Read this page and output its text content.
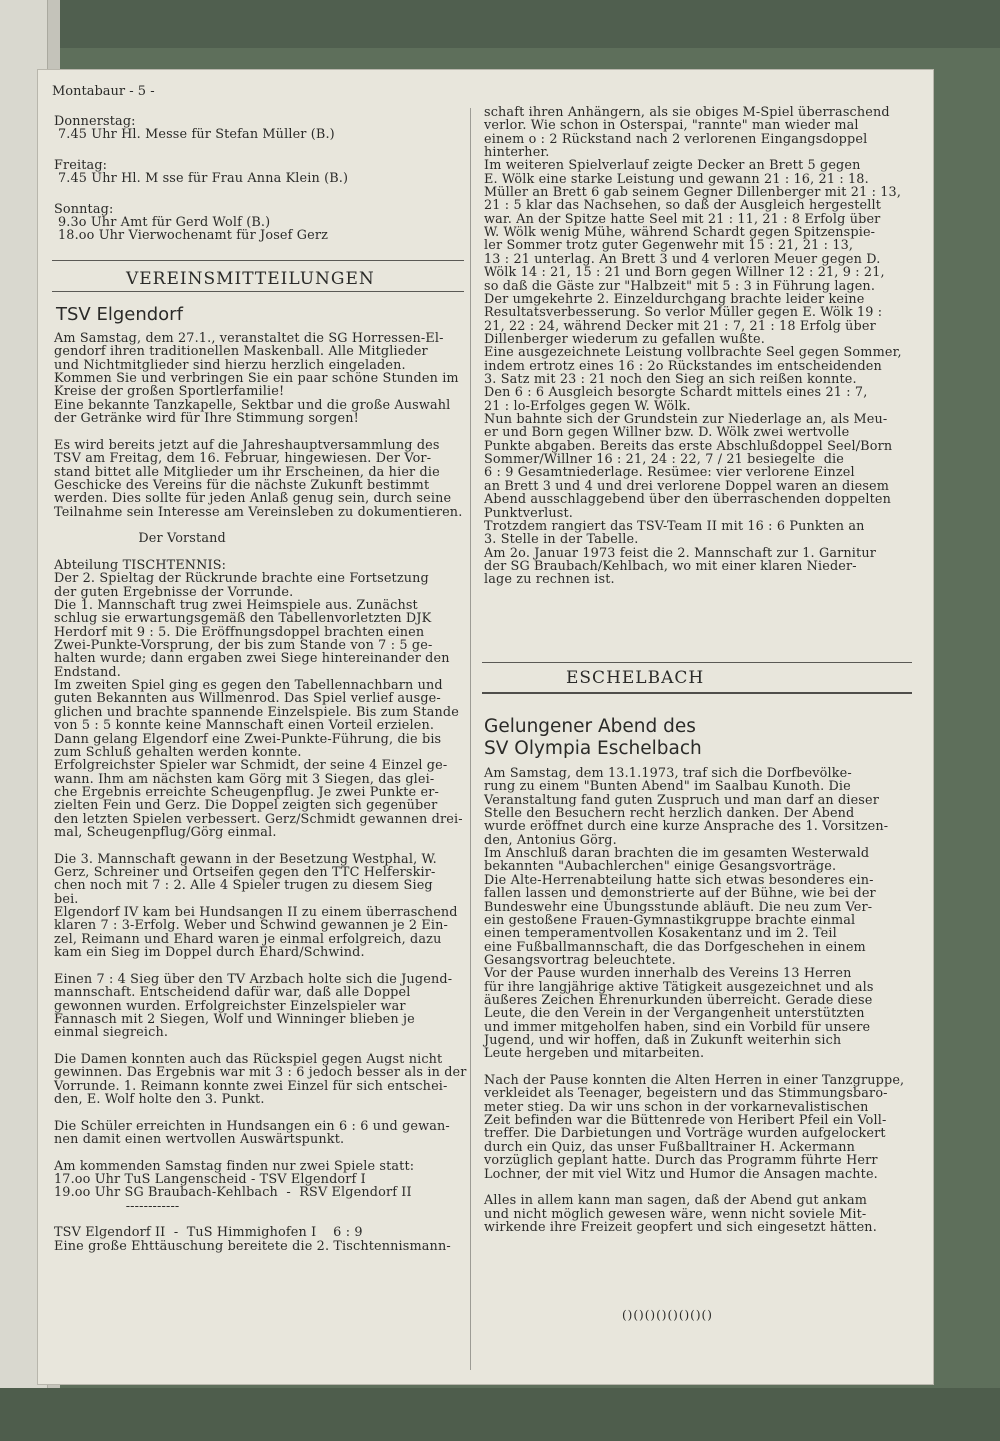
Montabaur - 5 -
VEREINSMITTEILUNGEN
TSV Elgendorf
ESCHELBACH
Gelungener Abend des
SV Olympia Eschelbach
()()()()()()()()
Donnerstag:
7.45 Uhr Hl. Messe für Stefan Müller (B.)
Freitag:
7.45 Uhr Hl. M sse für Frau Anna Klein (B.)
Sonntag:
9.3o Uhr Amt für Gerd Wolf (B.)
18.oo Uhr Vierwochenamt für Josef Gerz
Am Samstag, dem 27.1., veranstaltet die SG Horressen-El-
gendorf ihren traditionellen Maskenball. Alle Mitglieder
und Nichtmitglieder sind hierzu herzlich eingeladen.
Kommen Sie und verbringen Sie ein paar schöne Stunden im
Kreise der großen Sportlerfamilie!
Eine bekannte Tanzkapelle, Sektbar und die große Auswahl
der Getränke wird für Ihre Stimmung sorgen!
Es wird bereits jetzt auf die Jahreshauptversammlung des
TSV am Freitag, dem 16. Februar, hingewiesen. Der Vor-
stand bittet alle Mitglieder um ihr Erscheinen, da hier die
Geschicke des Vereins für die nächste Zukunft bestimmt
werden. Dies sollte für jeden Anlaß genug sein, durch seine
Teilnahme sein Interesse am Vereinsleben zu dokumentieren.
Der Vorstand
Abteilung TISCHTENNIS:
Der 2. Spieltag der Rückrunde brachte eine Fortsetzung
der guten Ergebnisse der Vorrunde.
Die 1. Mannschaft trug zwei Heimspiele aus. Zunächst
schlug sie erwartungsgemäß den Tabellenvorletzten DJK
Herdorf mit 9 : 5. Die Eröffnungsdoppel brachten einen
Zwei-Punkte-Vorsprung, der bis zum Stande von 7 : 5 ge-
halten wurde; dann ergaben zwei Siege hintereinander den
Endstand.
Im zweiten Spiel ging es gegen den Tabellennachbarn und
guten Bekannten aus Willmenrod. Das Spiel verlief ausge-
glichen und brachte spannende Einzelspiele. Bis zum Stande
von 5 : 5 konnte keine Mannschaft einen Vorteil erzielen.
Dann gelang Elgendorf eine Zwei-Punkte-Führung, die bis
zum Schluß gehalten werden konnte.
Erfolgreichster Spieler war Schmidt, der seine 4 Einzel ge-
wann. Ihm am nächsten kam Görg mit 3 Siegen, das glei-
che Ergebnis erreichte Scheugenpflug. Je zwei Punkte er-
zielten Fein und Gerz. Die Doppel zeigten sich gegenüber
den letzten Spielen verbessert. Gerz/Schmidt gewannen drei-
mal, Scheugenpflug/Görg einmal.
Die 3. Mannschaft gewann in der Besetzung Westphal, W.
Gerz, Schreiner und Ortseifen gegen den TTC Helferskir-
chen noch mit 7 : 2. Alle 4 Spieler trugen zu diesem Sieg
bei.
Elgendorf IV kam bei Hundsangen II zu einem überraschend
klaren 7 : 3-Erfolg. Weber und Schwind gewannen je 2 Ein-
zel, Reimann und Ehard waren je einmal erfolgreich, dazu
kam ein Sieg im Doppel durch Ehard/Schwind.
Einen 7 : 4 Sieg über den TV Arzbach holte sich die Jugend-
mannschaft. Entscheidend dafür war, daß alle Doppel
gewonnen wurden. Erfolgreichster Einzelspieler war
Fannasch mit 2 Siegen, Wolf und Winninger blieben je
einmal siegreich.
Die Damen konnten auch das Rückspiel gegen Augst nicht
gewinnen. Das Ergebnis war mit 3 : 6 jedoch besser als in der
Vorrunde. 1. Reimann konnte zwei Einzel für sich entschei-
den, E. Wolf holte den 3. Punkt.
Die Schüler erreichten in Hundsangen ein 6 : 6 und gewan-
nen damit einen wertvollen Auswärtspunkt.
Am kommenden Samstag finden nur zwei Spiele statt:
17.oo Uhr TuS Langenscheid - TSV Elgendorf I
19.oo Uhr SG Braubach-Kehlbach  -  RSV Elgendorf II
------------
TSV Elgendorf II  -  TuS Himmighofen I    6 : 9
Eine große Ehttäuschung bereitete die 2. Tischtennismann-
schaft ihren Anhängern, als sie obiges M-Spiel überraschend
verlor. Wie schon in Osterspai, "rannte" man wieder mal
einem o : 2 Rückstand nach 2 verlorenen Eingangsdoppel
hinterher.
Im weiteren Spielverlauf zeigte Decker an Brett 5 gegen
E. Wölk eine starke Leistung und gewann 21 : 16, 21 : 18.
Müller an Brett 6 gab seinem Gegner Dillenberger mit 21 : 13,
21 : 5 klar das Nachsehen, so daß der Ausgleich hergestellt
war. An der Spitze hatte Seel mit 21 : 11, 21 : 8 Erfolg über
W. Wölk wenig Mühe, während Schardt gegen Spitzenspie-
ler Sommer trotz guter Gegenwehr mit 15 : 21, 21 : 13,
13 : 21 unterlag. An Brett 3 und 4 verloren Meuer gegen D.
Wölk 14 : 21, 15 : 21 und Born gegen Willner 12 : 21, 9 : 21,
so daß die Gäste zur "Halbzeit" mit 5 : 3 in Führung lagen.
Der umgekehrte 2. Einzeldurchgang brachte leider keine
Resultatsverbesserung. So verlor Müller gegen E. Wölk 19 :
21, 22 : 24, während Decker mit 21 : 7, 21 : 18 Erfolg über
Dillenberger wiederum zu gefallen wußte.
Eine ausgezeichnete Leistung vollbrachte Seel gegen Sommer,
indem ertrotz eines 16 : 2o Rückstandes im entscheidenden
3. Satz mit 23 : 21 noch den Sieg an sich reißen konnte.
Den 6 : 6 Ausgleich besorgte Schardt mittels eines 21 : 7,
21 : lo-Erfolges gegen W. Wölk.
Nun bahnte sich der Grundstein zur Niederlage an, als Meu-
er und Born gegen Willner bzw. D. Wölk zwei wertvolle
Punkte abgaben. Bereits das erste Abschlußdoppel Seel/Born
Sommer/Willner 16 : 21, 24 : 22, 7 / 21 besiegelte  die
6 : 9 Gesamtniederlage. Resümee: vier verlorene Einzel
an Brett 3 und 4 und drei verlorene Doppel waren an diesem
Abend ausschlaggebend über den überraschenden doppelten
Punktverlust.
Trotzdem rangiert das TSV-Team II mit 16 : 6 Punkten an
3. Stelle in der Tabelle.
Am 2o. Januar 1973 feist die 2. Mannschaft zur 1. Garnitur
der SG Braubach/Kehlbach, wo mit einer klaren Nieder-
lage zu rechnen ist.
Am Samstag, dem 13.1.1973, traf sich die Dorfbevölke-
rung zu einem "Bunten Abend" im Saalbau Kunoth. Die
Veranstaltung fand guten Zuspruch und man darf an dieser
Stelle den Besuchern recht herzlich danken. Der Abend
wurde eröffnet durch eine kurze Ansprache des 1. Vorsitzen-
den, Antonius Görg.
Im Anschluß daran brachten die im gesamten Westerwald
bekannten "Aubachlerchen" einige Gesangsvorträge.
Die Alte-Herrenabteilung hatte sich etwas besonderes ein-
fallen lassen und demonstrierte auf der Bühne, wie bei der
Bundeswehr eine Übungsstunde abläuft. Die neu zum Ver-
ein gestoßene Frauen-Gymnastikgruppe brachte einmal
einen temperamentvollen Kosakentanz und im 2. Teil
eine Fußballmannschaft, die das Dorfgeschehen in einem
Gesangsvortrag beleuchtete.
Vor der Pause wurden innerhalb des Vereins 13 Herren
für ihre langjährige aktive Tätigkeit ausgezeichnet und als
äußeres Zeichen Ehrenurkunden überreicht. Gerade diese
Leute, die den Verein in der Vergangenheit unterstützten
und immer mitgeholfen haben, sind ein Vorbild für unsere
Jugend, und wir hoffen, daß in Zukunft weiterhin sich
Leute hergeben und mitarbeiten.
Nach der Pause konnten die Alten Herren in einer Tanzgruppe,
verkleidet als Teenager, begeistern und das Stimmungsbaro-
meter stieg. Da wir uns schon in der vorkarnevalistischen
Zeit befinden war die Büttenrede von Heribert Pfeil ein Voll-
treffer. Die Darbietungen und Vorträge wurden aufgelockert
durch ein Quiz, das unser Fußballtrainer H. Ackermann
vorzüglich geplant hatte. Durch das Programm führte Herr
Lochner, der mit viel Witz und Humor die Ansagen machte.
Alles in allem kann man sagen, daß der Abend gut ankam
und nicht möglich gewesen wäre, wenn nicht soviele Mit-
wirkende ihre Freizeit geopfert und sich eingesetzt hätten.
